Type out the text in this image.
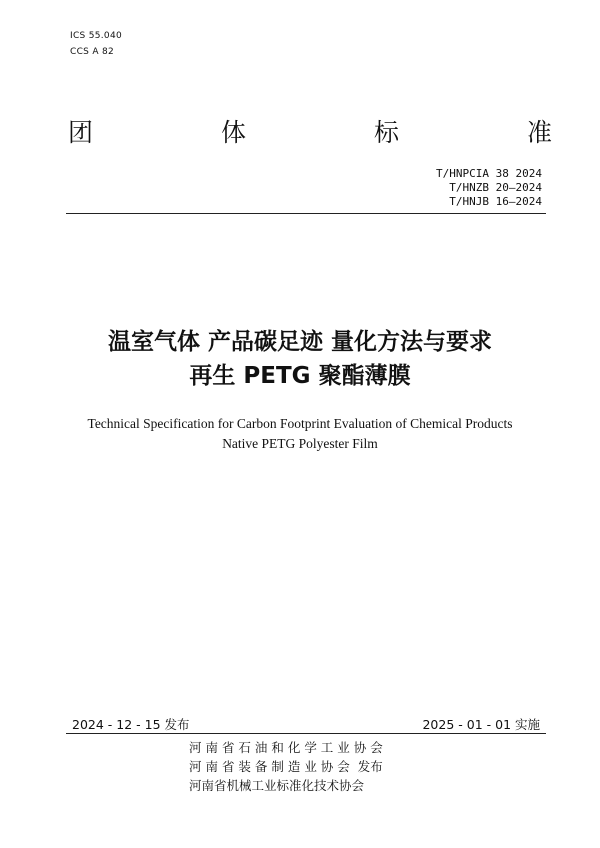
ICS 55.040
CCS A 82
团	体	标	准
T/HNPCIA 38 2024
T/HNZB 20—2024
T/HNJB 16—2024
温室气体 产品碳足迹 量化方法与要求
再生 PETG 聚酯薄膜
Technical Specification for Carbon Footprint Evaluation of Chemical Products
Native PETG Polyester Film
2024 - 12 - 15 发布	2025 - 01 - 01 实施
河 南 省 石 油 和 化 学 工 业 协 会
河 南 省 装 备 制 造 业 协 会  发布
河南省机械工业标准化技术协会
